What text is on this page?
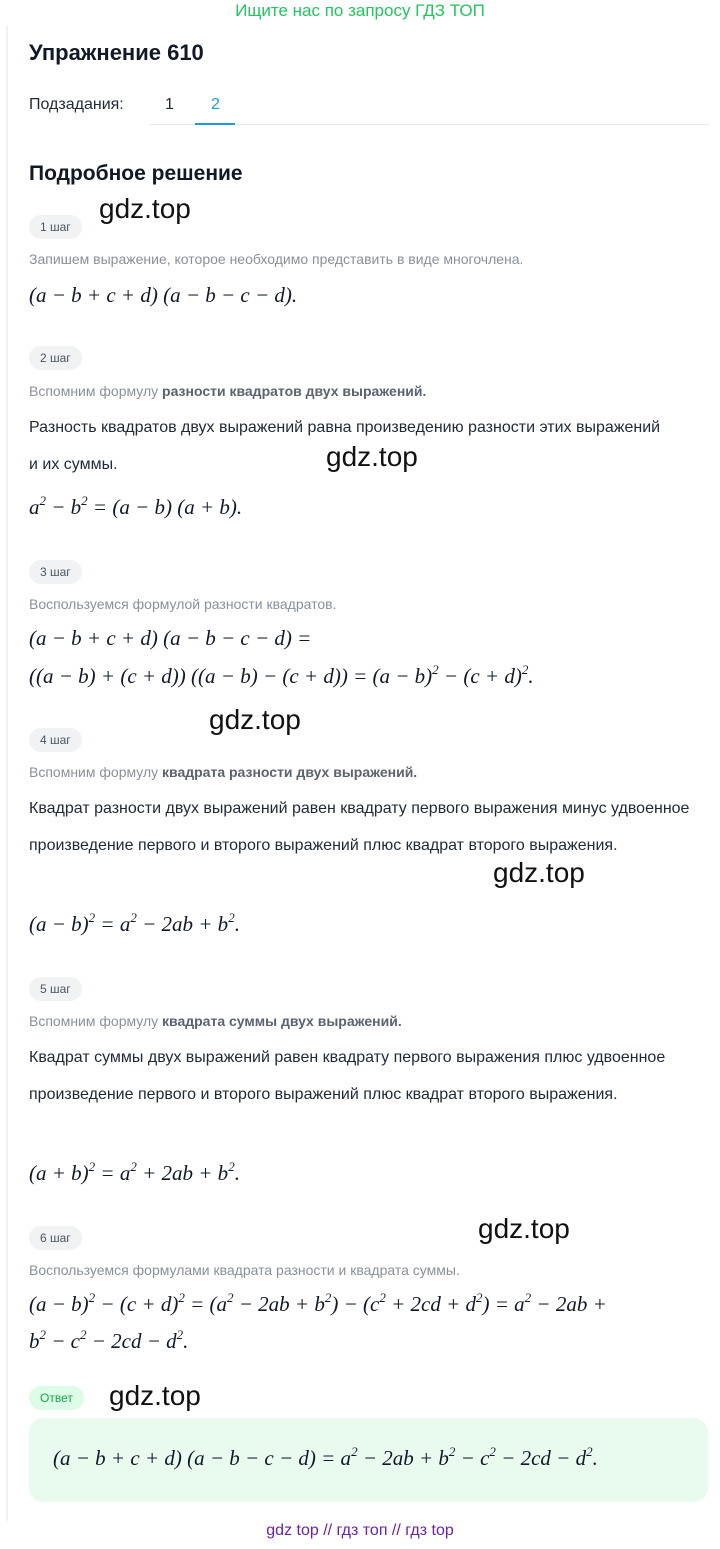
Ищите нас по запросу ГДЗ ТОП
Упражнение 610
Подзадания:	1 2
Подробное решение
1 шаг
gdz.top
Запишем выражение, которое необходимо представить в виде многочлена.
(a − b + c + d) (a − b − c − d).
2 шаг
Вспомним формулу разности квадратов двух выражений.
Разность квадратов двух выражений равна произведению разности этих выражений и их суммы.	gdz.top
$a^2 - b^2 = (a - b) (a + b)$.
3 шаг
Воспользуемся формулой разности квадратов.
(a − b + c + d) (a − b − c − d) =
((a − b) + (c + d)) $((a - b) - (c + d)) = (a - b)^2 - (c + d)^2$.
gdz.top
4 шаг
Вспомним формулу квадрата разности двух выражений.
Квадрат разности двух выражений равен квадрату первого выражения минус удвоенное произведение первого и второго выражений плюс квадрат второго выражения.
gdz.top
$(a - b)^2 = a^2 - 2ab + b^2$.
5 шаг
Вспомним формулу квадрата суммы двух выражений.
Квадрат суммы двух выражений равен квадрату первого выражения плюс удвоенное произведение первого и второго выражений плюс квадрат второго выражения.
$(a + b)^2 = a^2 + 2ab + b^2$.
gdz.top
6 шаг
Воспользуемся формулами квадрата разности и квадрата суммы.
$(a - b)^2 - (c + d)^2 = (a^2 - 2ab + b^2) - (c^2 + 2cd + d^2) = a^2 - 2ab$ +
$b^2 - c^2 - 2cd - d^2$.
Ответ	gdz.top
(a − b + c + d) $(a - b - c - d) = a^2 - 2ab + b^2 - c^2 - 2cd - d^2$.
gdz top // гдз топ // гдз top
